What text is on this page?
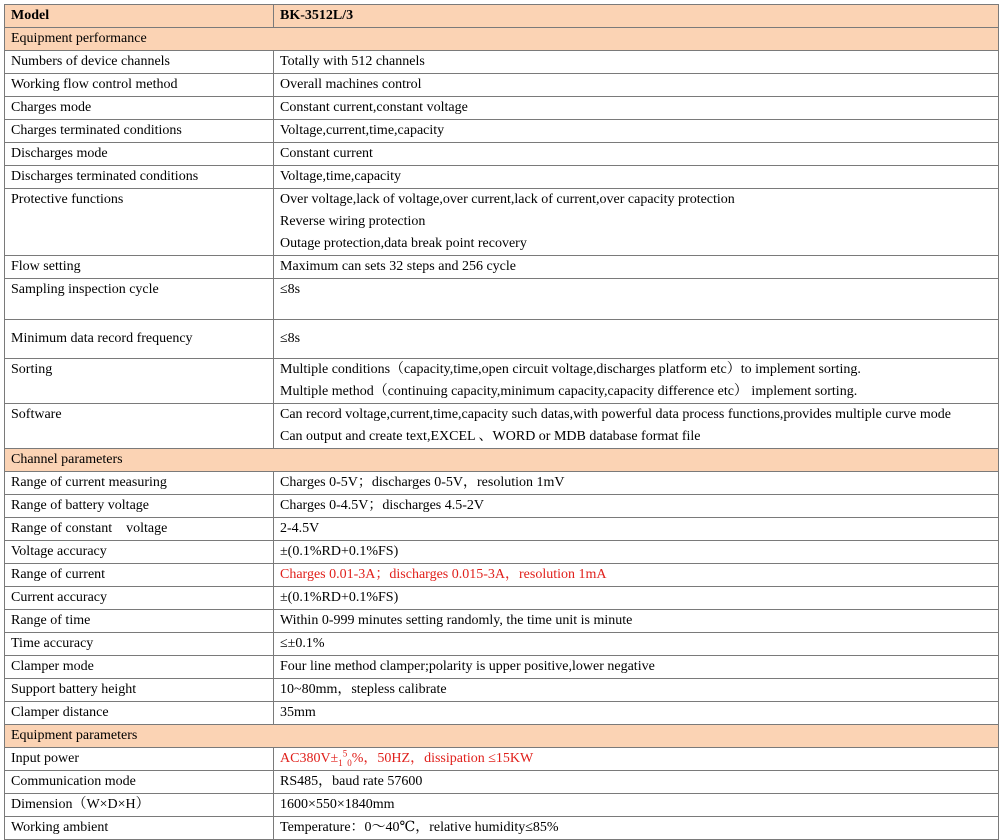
Model	BK-3512L/3
Equipment performance	
Numbers of device channels	Totally with 512 channels
Working flow control method	Overall machines control
Charges mode	Constant current,constant voltage
Charges terminated conditions	Voltage,current,time,capacity
Discharges mode	Constant current
Discharges terminated conditions	Voltage,time,capacity
Protective functions	Over voltage,lack of voltage,over current,lack of current,over capacity protection
Reverse wiring protection
Outage protection,data break point recovery

Flow setting	Maximum can sets 32 steps and 256 cycle
Sampling inspection cycle	≤8s
Minimum data record frequency	≤8s
Sorting	Multiple conditions（capacity,time,open circuit voltage,discharges platform etc）to implement sorting.
Multiple method（continuing capacity,minimum capacity,capacity difference etc） implement sorting.

Software	Can record voltage,current,time,capacity such datas,with powerful data process functions,provides multiple curve mode
Can output and create text,EXCEL 、WORD or MDB database format file

Channel parameters	
Range of current measuring	Charges 0-5V；discharges 0-5V，resolution 1mV
Range of battery voltage	Charges 0-4.5V；discharges 4.5-2V
Range of constant    voltage	2-4.5V
Voltage accuracy	±(0.1%RD+0.1%FS)
Range of current	Charges 0.01-3A；discharges 0.015-3A，resolution 1mA
Current accuracy	±(0.1%RD+0.1%FS)
Range of time	Within 0-999 minutes setting randomly, the time unit is minute
Time accuracy	≤±0.1%
Clamper mode	Four line method clamper;polarity is upper positive,lower negative
Support battery height	10~80mm，stepless calibrate
Clamper distance	35mm
Equipment parameters	
Input power	$AC380V\pm_1^5_0\%$，50HZ，dissipation ≤15KW
Communication mode	RS485，baud rate 57600
Dimension（W×D×H）	1600×550×1840mm
Working ambient	Temperature：0～40℃，relative humidity≤85%
